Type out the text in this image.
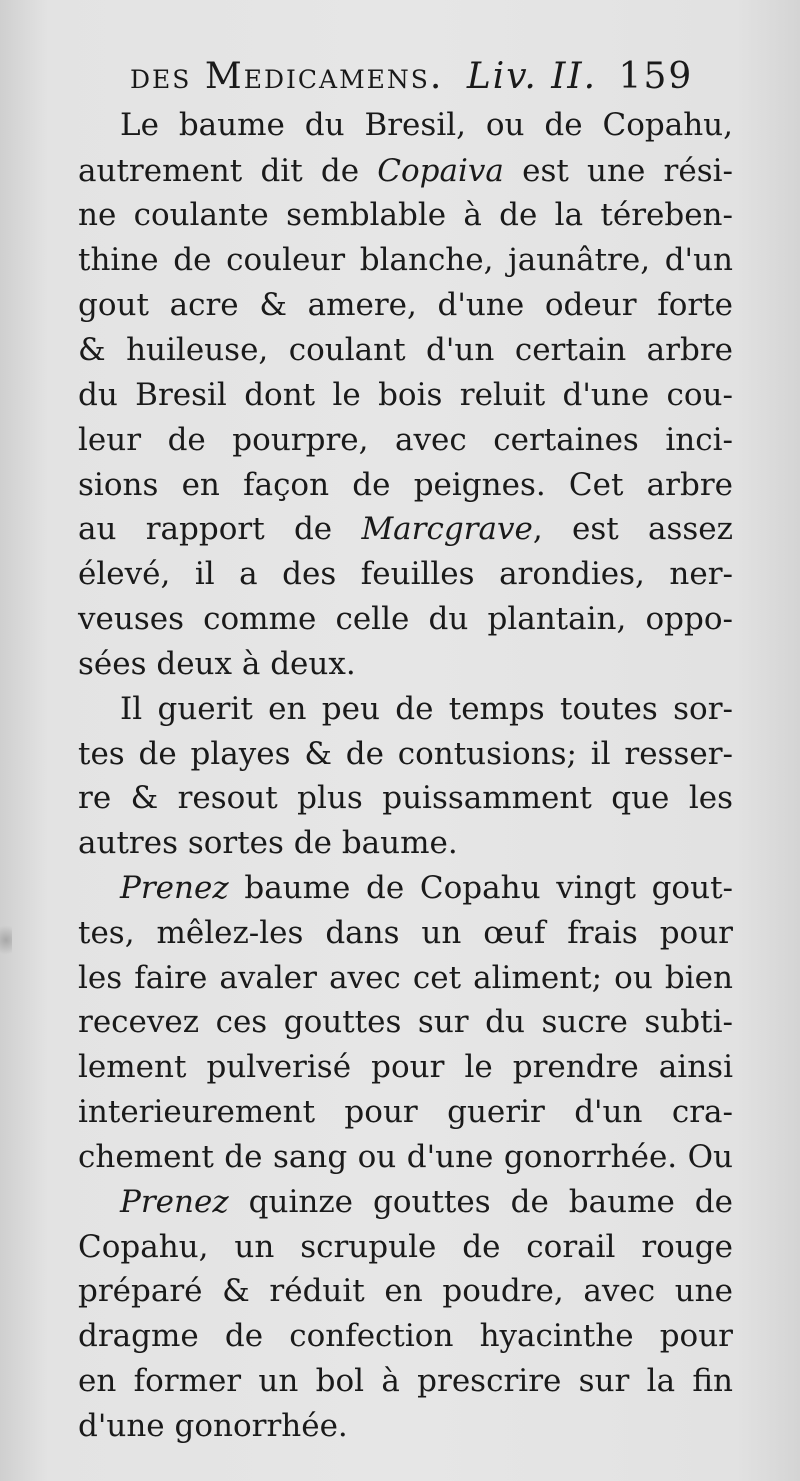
des Medicamens. Liv. II. 159
Le baume du Bresil, ou de Copahu,
autrement dit de Copaiva est une rési-
ne coulante semblable à de la téreben-
thine de couleur blanche, jaunâtre, d'un
gout acre & amere, d'une odeur forte
& huileuse, coulant d'un certain arbre
du Bresil dont le bois reluit d'une cou-
leur de pourpre, avec certaines inci-
sions en façon de peignes. Cet arbre
au rapport de Marcgrave, est assez
élevé, il a des feuilles arondies, ner-
veuses comme celle du plantain, oppo-
sées deux à deux.
Il guerit en peu de temps toutes sor-
tes de playes & de contusions; il resser-
re & resout plus puissamment que les
autres sortes de baume.
Prenez baume de Copahu vingt gout-
tes, mêlez-les dans un œuf frais pour
les faire avaler avec cet aliment; ou bien
recevez ces gouttes sur du sucre subti-
lement pulverisé pour le prendre ainsi
interieurement pour guerir d'un cra-
chement de sang ou d'une gonorrhée. Ou
Prenez quinze gouttes de baume de
Copahu, un scrupule de corail rouge
préparé & réduit en poudre, avec une
dragme de confection hyacinthe pour
en former un bol à prescrire sur la fin
d'une gonorrhée.
